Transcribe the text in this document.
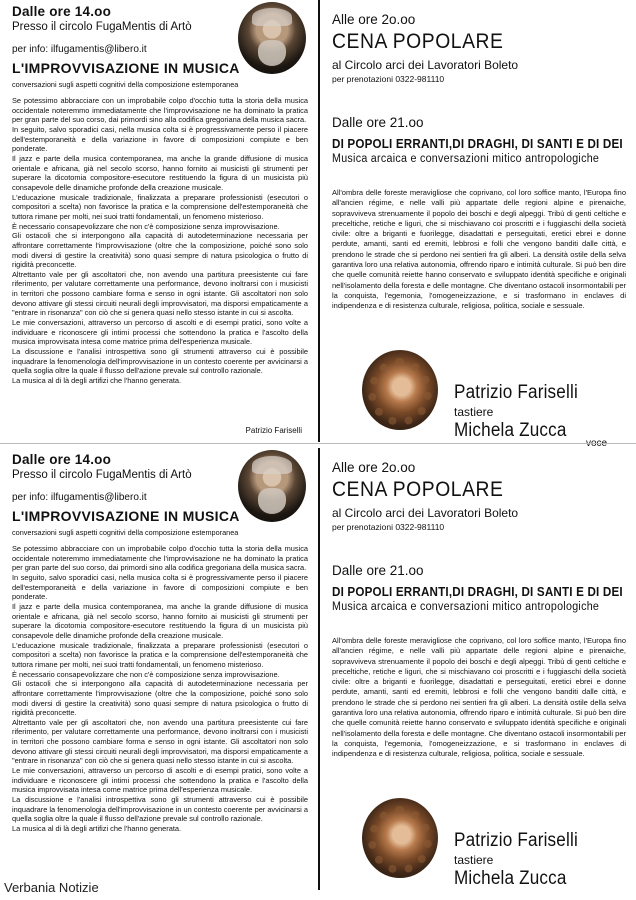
Dalle ore 14.oo
Presso il circolo FugaMentis di Artò
per info: ilfugamentis@libero.it
L'IMPROVVISAZIONE IN MUSICA
conversazioni sugli aspetti cognitivi della composizione estemporanea

Se potessimo abbracciare con un improbabile colpo d'occhio tutta la storia della musica occidentale noteremmo immediatamente che l'improvvisazione ne ha dominato la pratica per gran parte del suo corso, dai primordi sino alla codifica gregoriana della musica sacra.

In seguito, salvo sporadici casi, nella musica colta si è progressivamente perso il piacere dell'estemporaneità e della variazione in favore di composizioni compiute e ben ponderate.

Il jazz e parte della musica contemporanea, ma anche la grande diffusione di musica orientale e africana, già nel secolo scorso, hanno fornito ai musicisti gli strumenti per superare la dicotomia compositore-esecutore restituendo la figura di un musicista più consapevole delle dinamiche profonde della creazione musicale.

L'educazione musicale tradizionale, finalizzata a preparare professionisti (esecutori o compositori a scelta) non favorisce la pratica e la comprensione dell'estemporaneità che tuttora rimane per molti, nei suoi tratti fondamentali, un fenomeno misterioso.

È necessario consapevolizzare che non c'è composizione senza improvvisazione.

Gli ostacoli che si interpongono alla capacità di autodeterminazione necessaria per affrontare correttamente l'improvvisazione (oltre che la composizione, poiché sono solo modi diversi di gestire la creatività) sono quasi sempre di natura psicologica o frutto di rigidità preconcette.

Altrettanto vale per gli ascoltatori che, non avendo una partitura preesistente cui fare riferimento, per valutare correttamente una performance, devono inoltrarsi con i musicisti in territori che possono cambiare forma e senso in ogni istante. Gli ascoltatori non solo devono attivare gli stessi circuiti neurali degli improvvisatori, ma disporsi empaticamente a "entrare in risonanza" con ciò che si genera quasi nello stesso istante in cui si ascolta.

Le mie conversazioni, attraverso un percorso di ascolti e di esempi pratici, sono volte a individuare e riconoscere gli intimi processi che sottendono la pratica e l'ascolto della musica improvvisata intesa come matrice prima dell'esperienza musicale.

La discussione e l'analisi introspettiva sono gli strumenti attraverso cui è possibile inquadrare la fenomenologia dell'improvvisazione in un contesto coerente per avvicinarsi a quella soglia oltre la quale il flusso dell'azione prevale sul controllo razionale.

La musica al di là degli artifizi che l'hanno generata.

Patrizio Fariselli
Alle ore 2o.oo
CENA POPOLARE
al Circolo arci dei Lavoratori Boleto
per prenotazioni 0322-981110
Dalle ore 21.oo
DI POPOLI ERRANTI,DI DRAGHI, DI SANTI E DI DEI
Musica arcaica e conversazioni mitico antropologiche

All'ombra delle foreste meravigliose che coprivano, col loro soffice manto, l'Europa fino all'ancien régime, e nelle valli più appartate delle regioni alpine e pirenaiche, sopravviveva strenuamente il popolo dei boschi e degli alpeggi. Tribù di genti celtiche e preceltiche, retiche e liguri, che si mischiavano coi proscritti e i fuggiaschi della società civile: oltre a briganti e fuorilegge, disadattati e perseguitati, eretici ebrei e donne perdute, amanti, santi ed eremiti, lebbrosi e folli che vengono banditi dalle città, e prendono le strade che si perdono nei sentieri fra gli alberi. La densità ostile della selva garantiva loro una relativa autonomia, offrendo riparo e intimità culturale. Si può ben dire che quelle comunità reiette hanno conservato e sviluppato identità specifiche e originali nell'isolamento della foresta e delle montagne. Che diventano ostacoli insormontabili per la conquista, l'egemonia, l'omogeneizzazione, e si trasformano in enclaves di indipendenza e di resistenza culturale, religiosa, politica, sociale e sessuale.

Patrizio Fariselli
tastiere
Michela Zucca
Dalle ore 14.oo
Presso il circolo FugaMentis di Artò
per info: ilfugamentis@libero.it
L'IMPROVVISAZIONE IN MUSICA
conversazioni sugli aspetti cognitivi della composizione estemporanea

Se potessimo abbracciare con un improbabile colpo d'occhio tutta la storia della musica occidentale noteremmo immediatamente che l'improvvisazione ne ha dominato la pratica per gran parte del suo corso, dai primordi sino alla codifica gregoriana della musica sacra.

In seguito, salvo sporadici casi, nella musica colta si è progressivamente perso il piacere dell'estemporaneità e della variazione in favore di composizioni compiute e ben ponderate.

Il jazz e parte della musica contemporanea, ma anche la grande diffusione di musica orientale e africana, già nel secolo scorso, hanno fornito ai musicisti gli strumenti per superare la dicotomia compositore-esecutore restituendo la figura di un musicista più consapevole delle dinamiche profonde della creazione musicale.

L'educazione musicale tradizionale, finalizzata a preparare professionisti (esecutori o compositori a scelta) non favorisce la pratica e la comprensione dell'estemporaneità che tuttora rimane per molti, nei suoi tratti fondamentali, un fenomeno misterioso.

È necessario consapevolizzare che non c'è composizione senza improvvisazione.

Gli ostacoli che si interpongono alla capacità di autodeterminazione necessaria per affrontare correttamente l'improvvisazione (oltre che la composizione, poiché sono solo modi diversi di gestire la creatività) sono quasi sempre di natura psicologica o frutto di rigidità preconcette.

Altrettanto vale per gli ascoltatori che, non avendo una partitura preesistente cui fare riferimento, per valutare correttamente una performance, devono inoltrarsi con i musicisti in territori che possono cambiare forma e senso in ogni istante. Gli ascoltatori non solo devono attivare gli stessi circuiti neurali degli improvvisatori, ma disporsi empaticamente a "entrare in risonanza" con ciò che si genera quasi nello stesso istante in cui si ascolta.

Le mie conversazioni, attraverso un percorso di ascolti e di esempi pratici, sono volte a individuare e riconoscere gli intimi processi che sottendono la pratica e l'ascolto della musica improvvisata intesa come matrice prima dell'esperienza musicale.

La discussione e l'analisi introspettiva sono gli strumenti attraverso cui è possibile inquadrare la fenomenologia dell'improvvisazione in un contesto coerente per avvicinarsi a quella soglia oltre la quale il flusso dell'azione prevale sul controllo razionale.

La musica al di là degli artifizi che l'hanno generata.

Alle ore 2o.oo
CENA POPOLARE
al Circolo arci dei Lavoratori Boleto
per prenotazioni 0322-981110
Dalle ore 21.oo
DI POPOLI ERRANTI,DI DRAGHI, DI SANTI E DI DEI
Musica arcaica e conversazioni mitico antropologiche

All'ombra delle foreste meravigliose che coprivano, col loro soffice manto, l'Europa fino all'ancien régime, e nelle valli più appartate delle regioni alpine e pirenaiche, sopravviveva strenuamente il popolo dei boschi e degli alpeggi. Tribù di genti celtiche e preceltiche, retiche e liguri, che si mischiavano coi proscritti e i fuggiaschi della società civile: oltre a briganti e fuorilegge, disadattati e perseguitati, eretici ebrei e donne perdute, amanti, santi ed eremiti, lebbrosi e folli che vengono banditi dalle città, e prendono le strade che si perdono nei sentieri fra gli alberi. La densità ostile della selva garantiva loro una relativa autonomia, offrendo riparo e intimità culturale. Si può ben dire che quelle comunità reiette hanno conservato e sviluppato identità specifiche e originali nell'isolamento della foresta e delle montagne. Che diventano ostacoli insormontabili per la conquista, l'egemonia, l'omogeneizzazione, e si trasformano in enclaves di indipendenza e di resistenza culturale, religiosa, politica, sociale e sessuale.

Patrizio Fariselli
tastiere
Michela Zucca
Verbania Notizie
